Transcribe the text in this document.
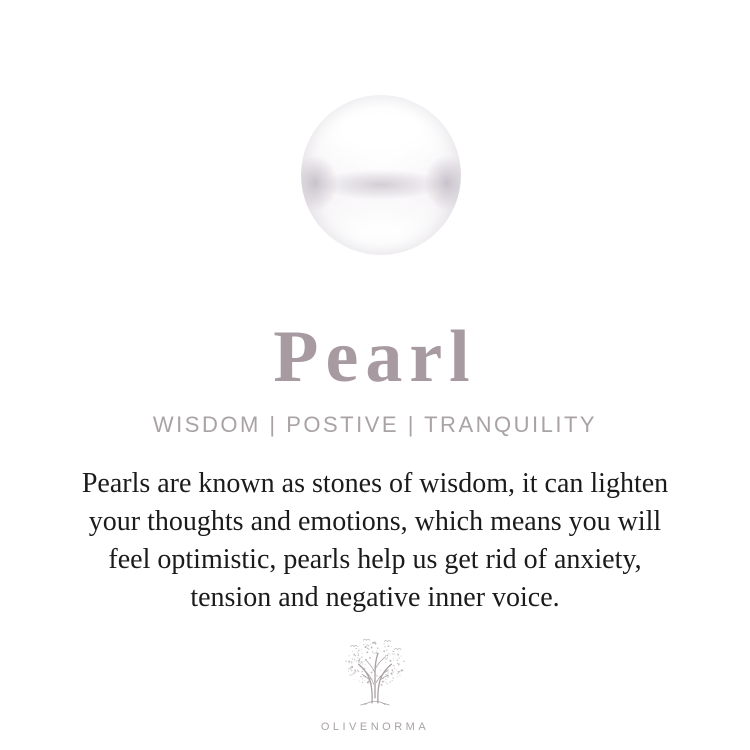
Pearl
WISDOM | POSTIVE | TRANQUILITY
Pearls are known as stones of wisdom, it can lighten
your thoughts and emotions, which means you will
feel optimistic, pearls help us get rid of anxiety,
tension and negative inner voice.
OLIVENORMA
